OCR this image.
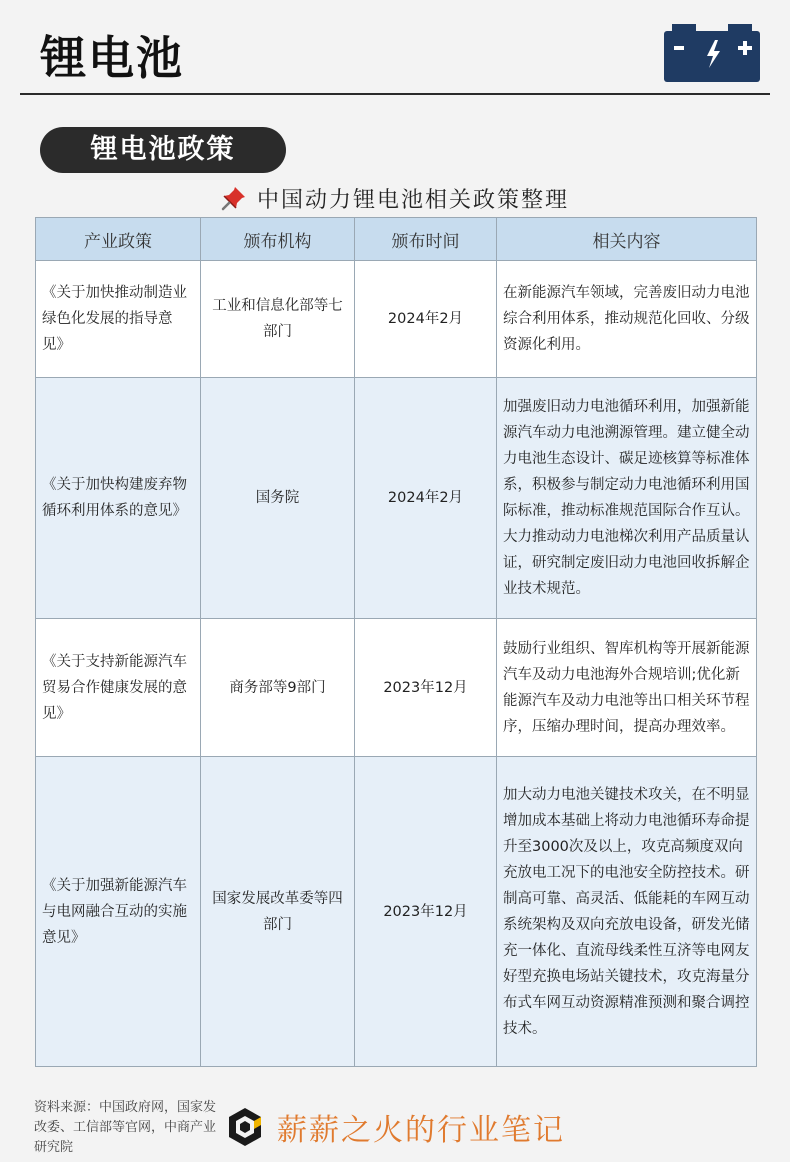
锂电池
锂电池政策
中国动力锂电池相关政策整理
产业政策	颁布机构	颁布时间	相关内容
《关于加快推动制造业绿色化发展的指导意见》	工业和信息化部等七部门	2024年2月	在新能源汽车领域，完善废旧动力电池综合利用体系，推动规范化回收、分级资源化利用。
《关于加快构建废弃物循环利用体系的意见》	国务院	2024年2月	加强废旧动力电池循环利用，加强新能源汽车动力电池溯源管理。建立健全动力电池生态设计、碳足迹核算等标准体系，积极参与制定动力电池循环利用国际标准，推动标准规范国际合作互认。大力推动动力电池梯次利用产品质量认证，研究制定废旧动力电池回收拆解企业技术规范。
《关于支持新能源汽车贸易合作健康发展的意见》	商务部等9部门	2023年12月	鼓励行业组织、智库机构等开展新能源汽车及动力电池海外合规培训;优化新能源汽车及动力电池等出口相关环节程序，压缩办理时间，提高办理效率。
《关于加强新能源汽车与电网融合互动的实施意见》	国家发展改革委等四部门	2023年12月	加大动力电池关键技术攻关，在不明显增加成本基础上将动力电池循环寿命提升至3000次及以上，攻克高频度双向充放电工况下的电池安全防控技术。研制高可靠、高灵活、低能耗的车网互动系统架构及双向充放电设备，研发光储充一体化、直流母线柔性互济等电网友好型充换电场站关键技术，攻克海量分布式车网互动资源精准预测和聚合调控技术。
资料来源：中国政府网，国家发改委、工信部等官网，中商产业研究院	薪薪之火的行业笔记
